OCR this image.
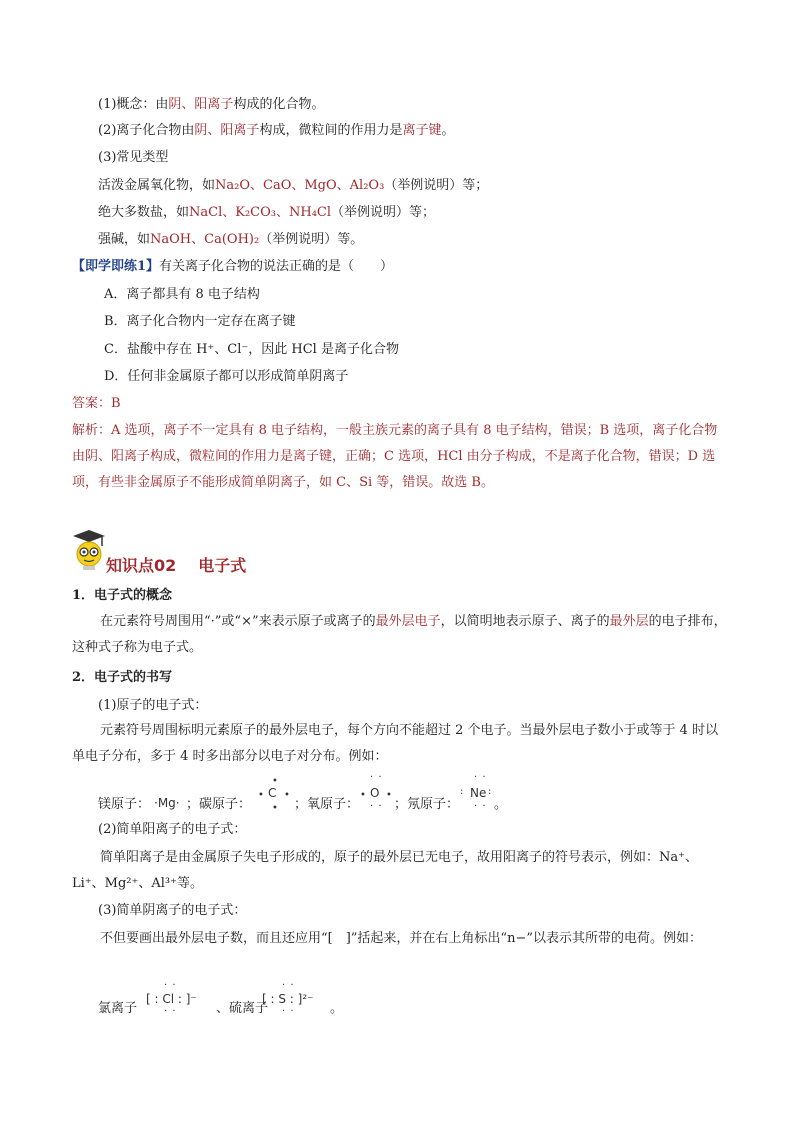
(1)概念：由阴、阳离子构成的化合物。
(2)离子化合物由阴、阳离子构成，微粒间的作用力是离子键。
(3)常见类型
活泼金属氧化物，如Na₂O、CaO、MgO、Al₂O₃（举例说明）等；
绝大多数盐，如NaCl、K₂CO₃、NH₄Cl（举例说明）等；
强碱，如NaOH、Ca(OH)₂（举例说明）等。
【即学即练1】有关离子化合物的说法正确的是（　　）
A．离子都具有 8 电子结构
B．离子化合物内一定存在离子键
C．盐酸中存在 H⁺、Cl⁻，因此 HCl 是离子化合物
D．任何非金属原子都可以形成简单阴离子
答案：B
解析：A 选项，离子不一定具有 8 电子结构，一般主族元素的离子具有 8 电子结构，错误；B 选项，离子化合物由阴、阳离子构成，微粒间的作用力是离子键，正确；C 选项，HCl 由分子构成，不是离子化合物，错误；D 选项，有些非金属原子不能形成简单阴离子，如 C、Si 等，错误。故选 B。
知识点02 电子式
1．电子式的概念
在元素符号周围用“·”或“×”来表示原子或离子的最外层电子，以简明地表示原子、离子的最外层的电子排布，这种式子称为电子式。
2．电子式的书写
(1)原子的电子式：
元素符号周围标明元素原子的最外层电子，每个方向不能超过 2 个电子。当最外层电子数小于或等于 4 时以单电子分布，多于 4 时多出部分以电子对分布。例如：
镁原子： ·Mg· ；碳原子：
•
• C •
• ；氧原子：
· ·
• O •
· · ；氖原子：
· ·
: Ne :
· · 。
(2)简单阳离子的电子式：
简单阳离子是由金属原子失电子形成的，原子的最外层已无电子，故用阳离子的符号表示，例如：Na⁺、Li⁺、Mg²⁺、Al³⁺等。
(3)简单阴离子的电子式：
不但要画出最外层电子数，而且还应用“[　]”括起来，并在右上角标出“n−”以表示其所带的电荷。例如：
氯离子
· ·
[ : Cl : ]⁻
· ·	、硫离子
· ·
[ : S : ]²⁻
· ·	。
